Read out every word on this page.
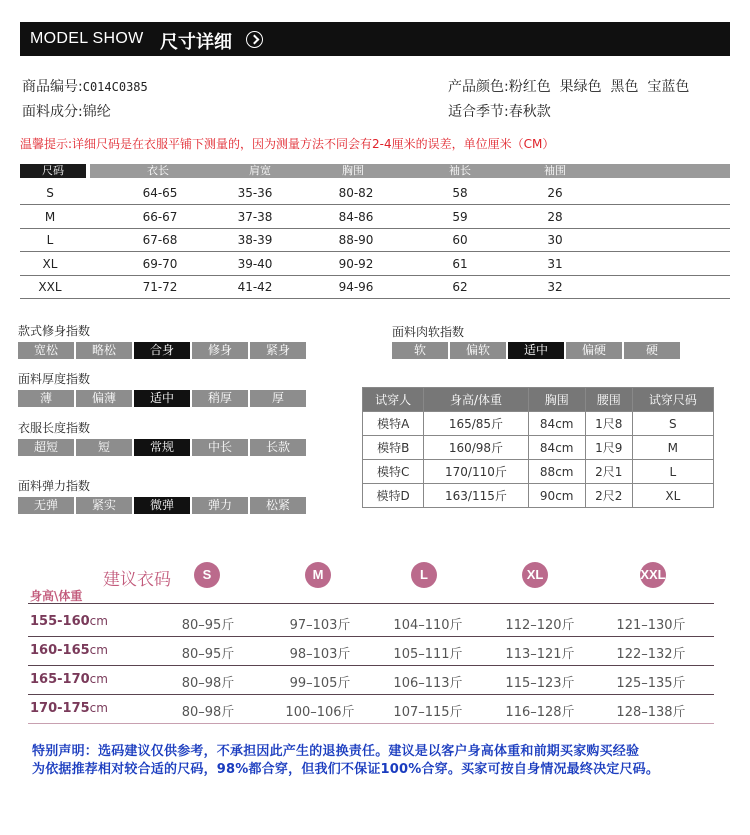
MODEL SHOW 尺寸详细
商品编号:C014C0385
面料成分:锦纶
产品颜色:粉红色  果绿色  黑色  宝蓝色
适合季节:春秋款
温馨提示:详细尺码是在衣服平铺下测量的，因为测量方法不同会有2-4厘米的误差，单位厘米（CM）
尺码	衣长	肩宽	胸围	袖长	袖围
S	64-65	35-36	80-82	58	26
M	66-67	37-38	84-86	59	28
L	67-68	38-39	88-90	60	30
XL	69-70	39-40	90-92	61	31
XXL	71-72	41-42	94-96	62	32
款式修身指数
宽松	略松	合身	修身	紧身
面料肉软指数
软	偏软	适中	偏硬	硬
面料厚度指数
薄	偏薄	适中	稍厚	厚
衣服长度指数
超短	短	常规	中长	长款
面料弹力指数
无弹	紧实	微弹	弹力	松紧
试穿人	身高/体重	胸围	腰围	试穿尺码
模特A	165/85斤	84cm	1尺8	S
模特B	160/98斤	84cm	1尺9	M
模特C	170/110斤	88cm	2尺1	L
模特D	163/115斤	90cm	2尺2	XL
建议衣码
身高\体重
S	M	L	XL	XXL
155-160cm	80–95斤	97–103斤	104–110斤	112–120斤	121–130斤
160-165cm	80–95斤	98–103斤	105–111斤	113–121斤	122–132斤
165-170cm	80–98斤	99–105斤	106–113斤	115–123斤	125–135斤
170-175cm	80–98斤	100–106斤	107–115斤	116–128斤	128–138斤
特别声明：选码建议仅供参考，不承担因此产生的退换责任。建议是以客户身高体重和前期买家购买经验
为依据推荐相对较合适的尺码，98%都合穿，但我们不保证100%合穿。买家可按自身情况最终决定尺码。
